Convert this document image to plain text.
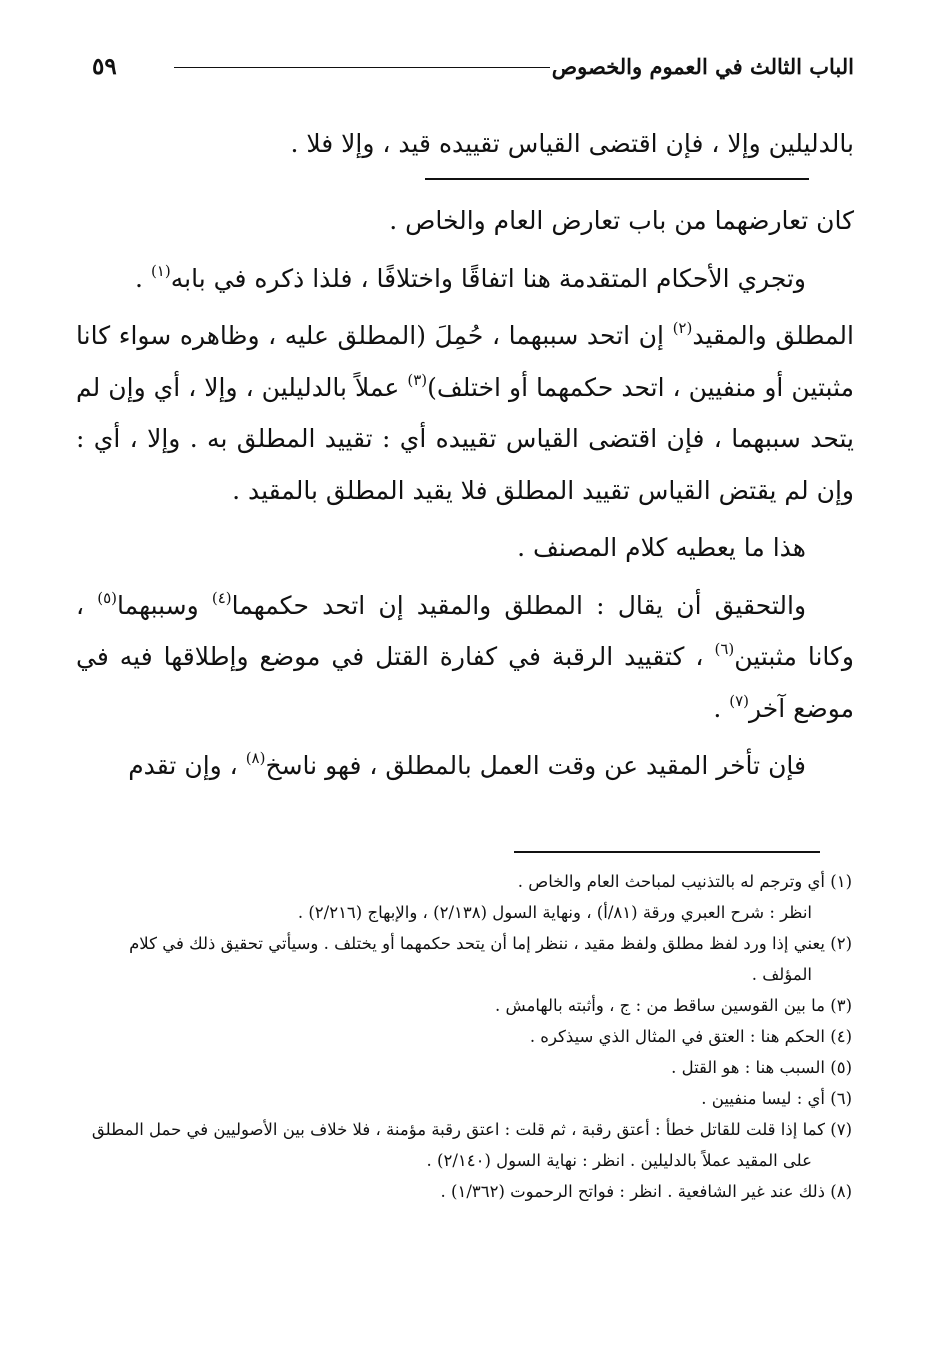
الباب الثالث في العموم والخصوص
٥٩
بالدليلين وإلا ، فإن اقتضى القياس تقييده قيد ، وإلا فلا .

كان تعارضهما من باب تعارض العام والخاص .

وتجري الأحكام المتقدمة هنا اتفاقًا واختلافًا ، فلذا ذكره في بابه$^{(١)}$ .

المطلق والمقيد$^{(٢)}$ إن اتحد سببهما ، حُمِلَ (المطلق عليه ، وظاهره سواء كانا مثبتين أو منفيين ، اتحد حكمهما أو اختلف)$^{(٣)}$ عملاً بالدليلين ، وإلا ، أي وإن لم يتحد سببهما ، فإن اقتضى القياس تقييده أي : تقييد المطلق به . وإلا ، أي : وإن لم يقتض القياس تقييد المطلق فلا يقيد المطلق بالمقيد .

هذا ما يعطيه كلام المصنف .

والتحقيق أن يقال : المطلق والمقيد إن اتحد حكمهما$^{(٤)}$ وسببهما$^{(٥)}$ ، وكانا مثبتين$^{(٦)}$ ، كتقييد الرقبة في كفارة القتل في موضع وإطلاقها فيه في موضع آخر$^{(٧)}$ .

فإن تأخر المقيد عن وقت العمل بالمطلق ، فهو ناسخ$^{(٨)}$ ، وإن تقدم

(١) أي وترجم له بالتذنيب لمباحث العام والخاص .

انظر : شرح العبري ورقة (٨١/أ) ، ونهاية السول (٢/١٣٨) ، والإبهاج (٢/٢١٦) .

(٢) يعني إذا ورد لفظ مطلق ولفظ مقيد ، ننظر إما أن يتحد حكمهما أو يختلف . وسيأتي تحقيق ذلك في كلام المؤلف .

(٣) ما بين القوسين ساقط من : ج ، وأثبته بالهامش .

(٤) الحكم هنا : العتق في المثال الذي سيذكره .

(٥) السبب هنا : هو القتل .

(٦) أي : ليسا منفيين .

(٧) كما إذا قلت للقاتل خطأ : أعتق رقبة ، ثم قلت : اعتق رقبة مؤمنة ، فلا خلاف بين الأصوليين في حمل المطلق على المقيد عملاً بالدليلين . انظر : نهاية السول (٢/١٤٠) .

(٨) ذلك عند غير الشافعية . انظر : فواتح الرحموت (١/٣٦٢) .
